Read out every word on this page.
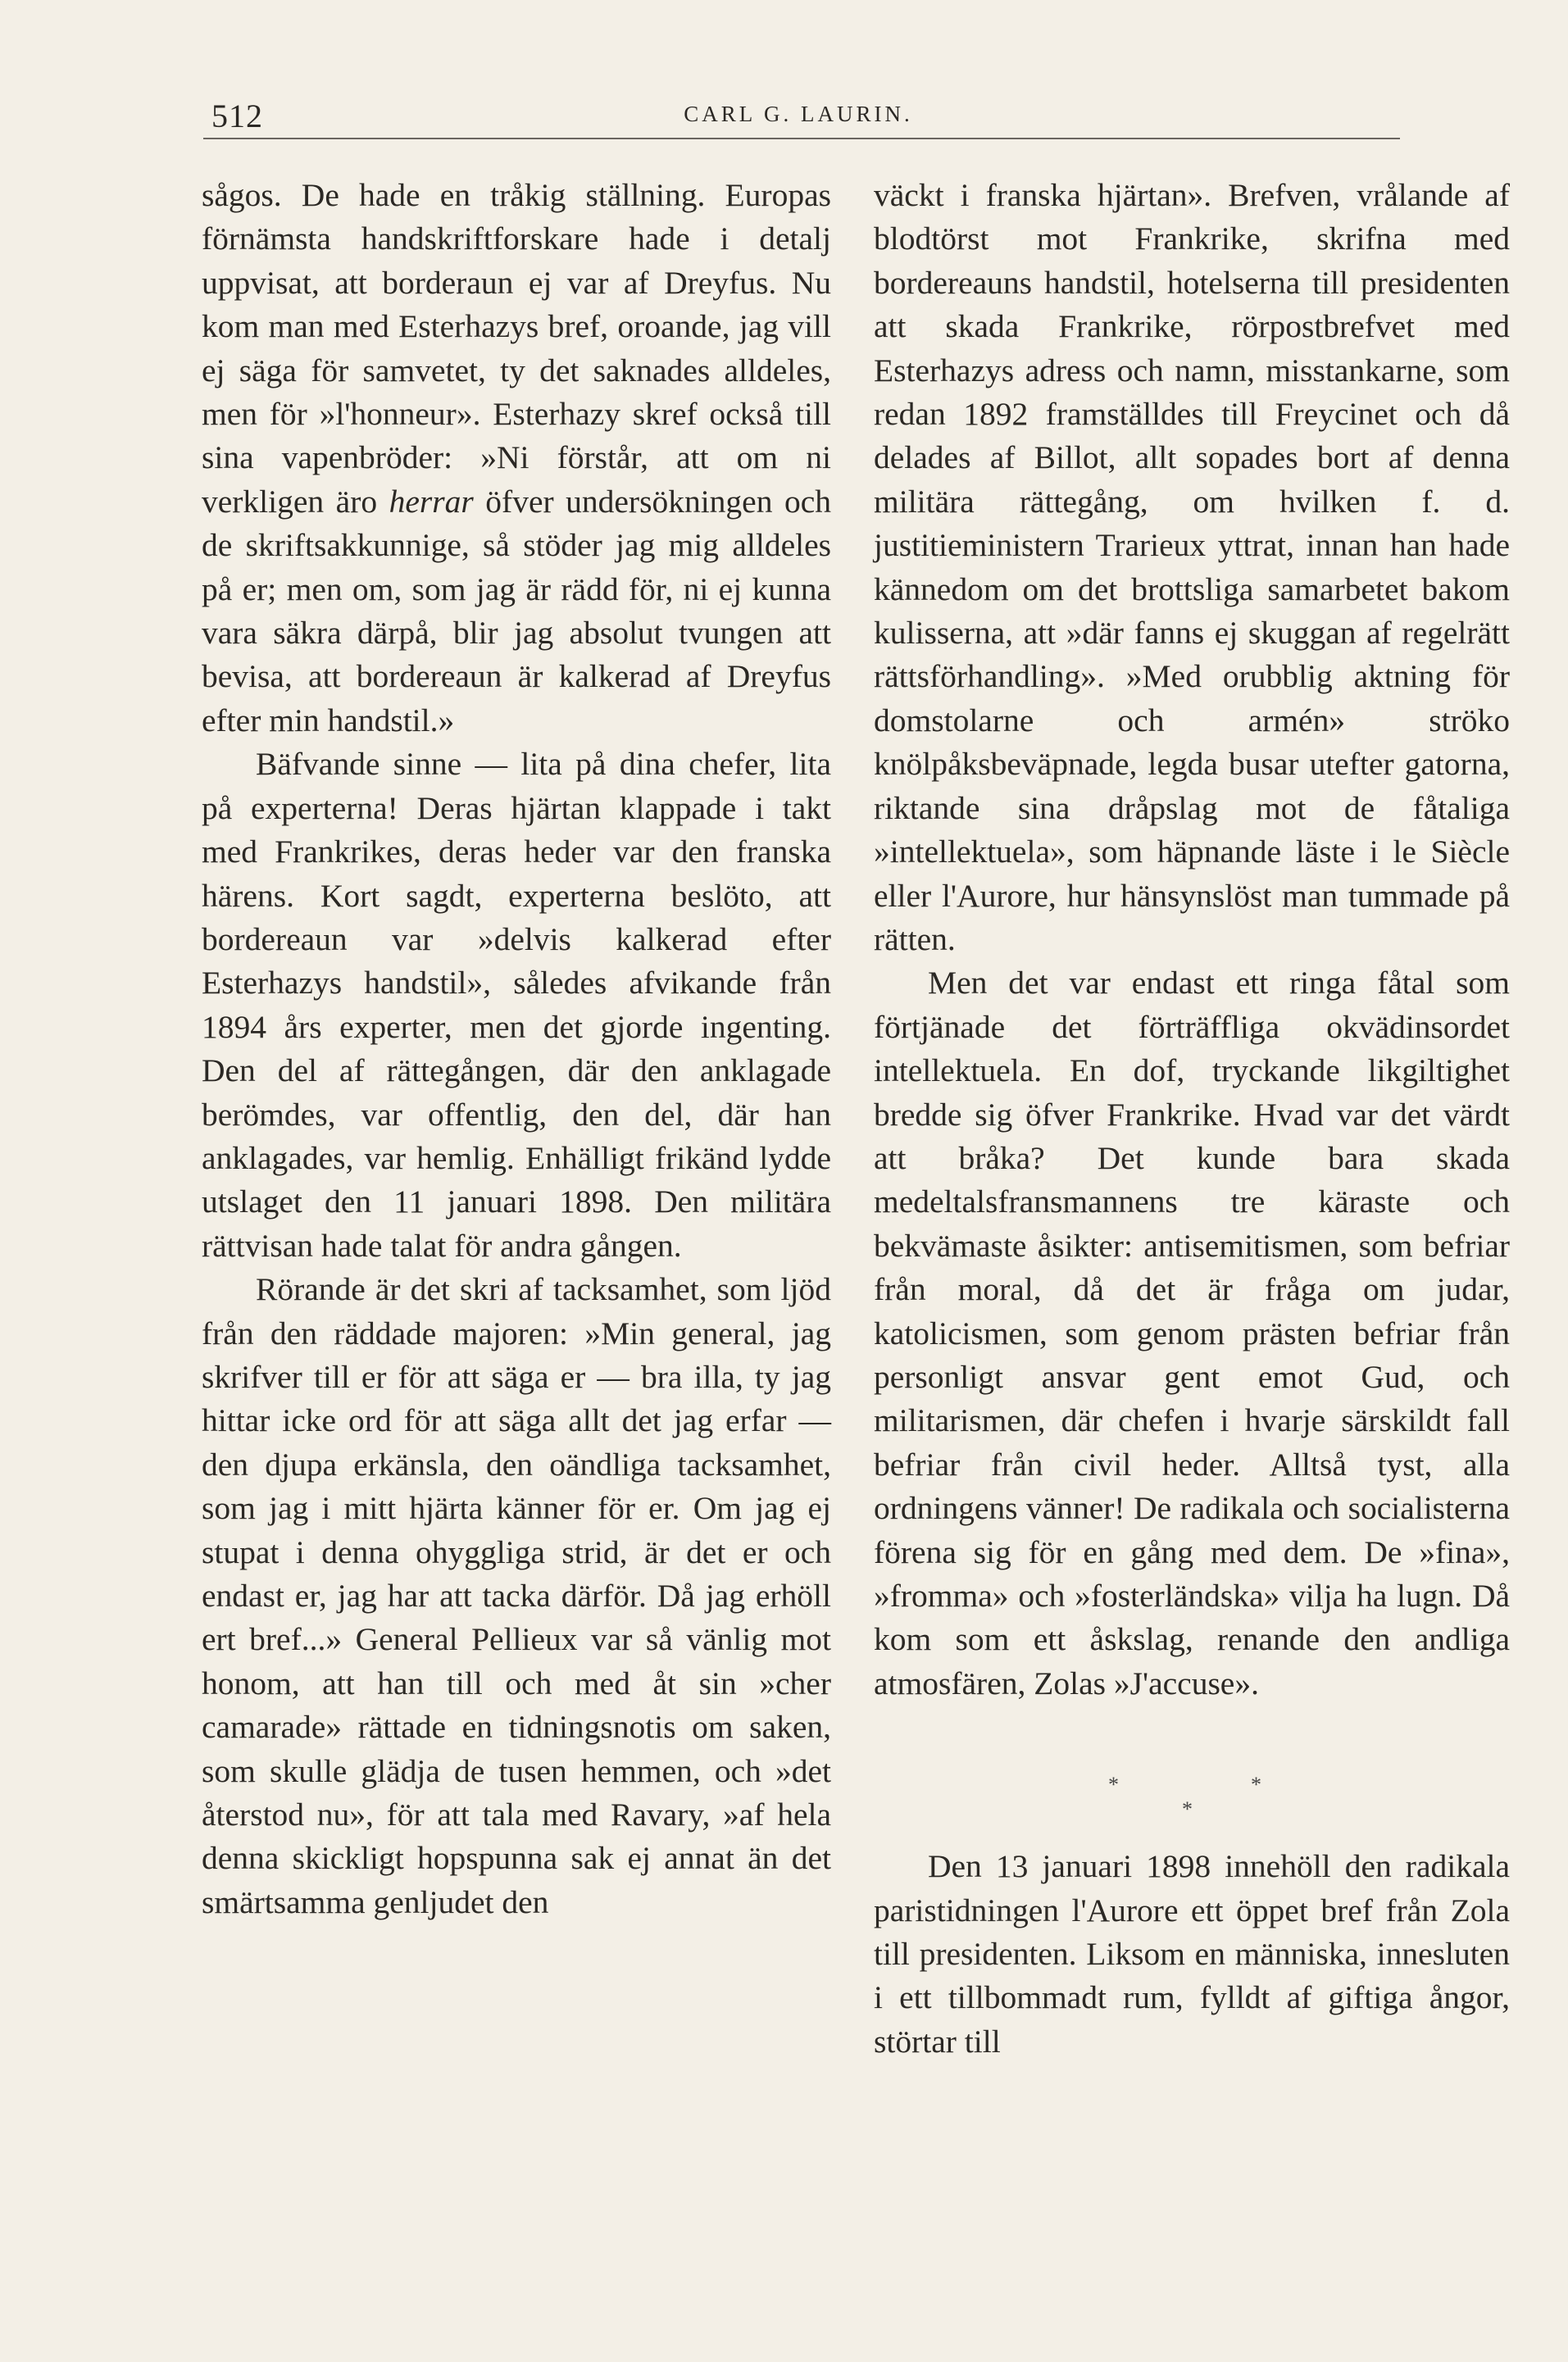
512	CARL G. LAURIN.

sågos. De hade en tråkig ställning. Europas förnämsta handskriftforskare hade i detalj uppvisat, att borderaun ej var af Dreyfus. Nu kom man med Esterhazys bref, oroande, jag vill ej säga för samvetet, ty det saknades alldeles, men för »l'honneur». Esterhazy skref också till sina vapenbröder: »Ni förstår, att om ni verkligen äro herrar öfver undersökningen och de skriftsakkunnige, så stöder jag mig alldeles på er; men om, som jag är rädd för, ni ej kunna vara säkra därpå, blir jag absolut tvungen att bevisa, att bordereaun är kalkerad af Dreyfus efter min handstil.»

Bäfvande sinne — lita på dina chefer, lita på experterna! Deras hjärtan klappade i takt med Frankrikes, deras heder var den franska härens. Kort sagdt, experterna beslöto, att bordereaun var »delvis kalkerad efter Esterhazys handstil», således afvikande från 1894 års experter, men det gjorde ingenting. Den del af rättegången, där den anklagade berömdes, var offentlig, den del, där han anklagades, var hemlig. Enhälligt frikänd lydde utslaget den 11 januari 1898. Den militära rättvisan hade talat för andra gången.

Rörande är det skri af tacksamhet, som ljöd från den räddade majoren: »Min general, jag skrifver till er för att säga er — bra illa, ty jag hittar icke ord för att säga allt det jag erfar — den djupa erkänsla, den oändliga tacksamhet, som jag i mitt hjärta känner för er. Om jag ej stupat i denna ohyggliga strid, är det er och endast er, jag har att tacka därför. Då jag erhöll ert bref...» General Pellieux var så vänlig mot honom, att han till och med åt sin »cher camarade» rättade en tidningsnotis om saken, som skulle glädja de tusen hemmen, och »det återstod nu», för att tala med Ravary, »af hela denna skickligt hopspunna sak ej annat än det smärtsamma genljudet den

väckt i franska hjärtan». Brefven, vrålande af blodtörst mot Frankrike, skrifna med bordereauns handstil, hotelserna till presidenten att skada Frankrike, rörpostbrefvet med Esterhazys adress och namn, misstankarne, som redan 1892 framställdes till Freycinet och då delades af Billot, allt sopades bort af denna militära rättegång, om hvilken f. d. justitieministern Trarieux yttrat, innan han hade kännedom om det brottsliga samarbetet bakom kulisserna, att »där fanns ej skuggan af regelrätt rättsförhandling». »Med orubblig aktning för domstolarne och armén» ströko knölpåksbeväpnade, legda busar utefter gatorna, riktande sina dråpslag mot de fåtaliga »intellektuela», som häpnande läste i le Siècle eller l'Aurore, hur hänsynslöst man tummade på rätten.

Men det var endast ett ringa fåtal som förtjänade det förträffliga okvädinsordet intellektuela. En dof, tryckande likgiltighet bredde sig öfver Frankrike. Hvad var det värdt att bråka? Det kunde bara skada medeltalsfransmannens tre käraste och bekvämaste åsikter: antisemitismen, som befriar från moral, då det är fråga om judar, katolicismen, som genom prästen befriar från personligt ansvar gent emot Gud, och militarismen, där chefen i hvarje särskildt fall befriar från civil heder. Alltså tyst, alla ordningens vänner! De radikala och socialisterna förena sig för en gång med dem. De »fina», »fromma» och »fosterländska» vilja ha lugn. Då kom som ett åskslag, renande den andliga atmosfären, Zolas »J'accuse».

*
*
*

Den 13 januari 1898 innehöll den radikala paristidningen l'Aurore ett öppet bref från Zola till presidenten. Liksom en människa, innesluten i ett tillbommadt rum, fylldt af giftiga ångor, störtar till
